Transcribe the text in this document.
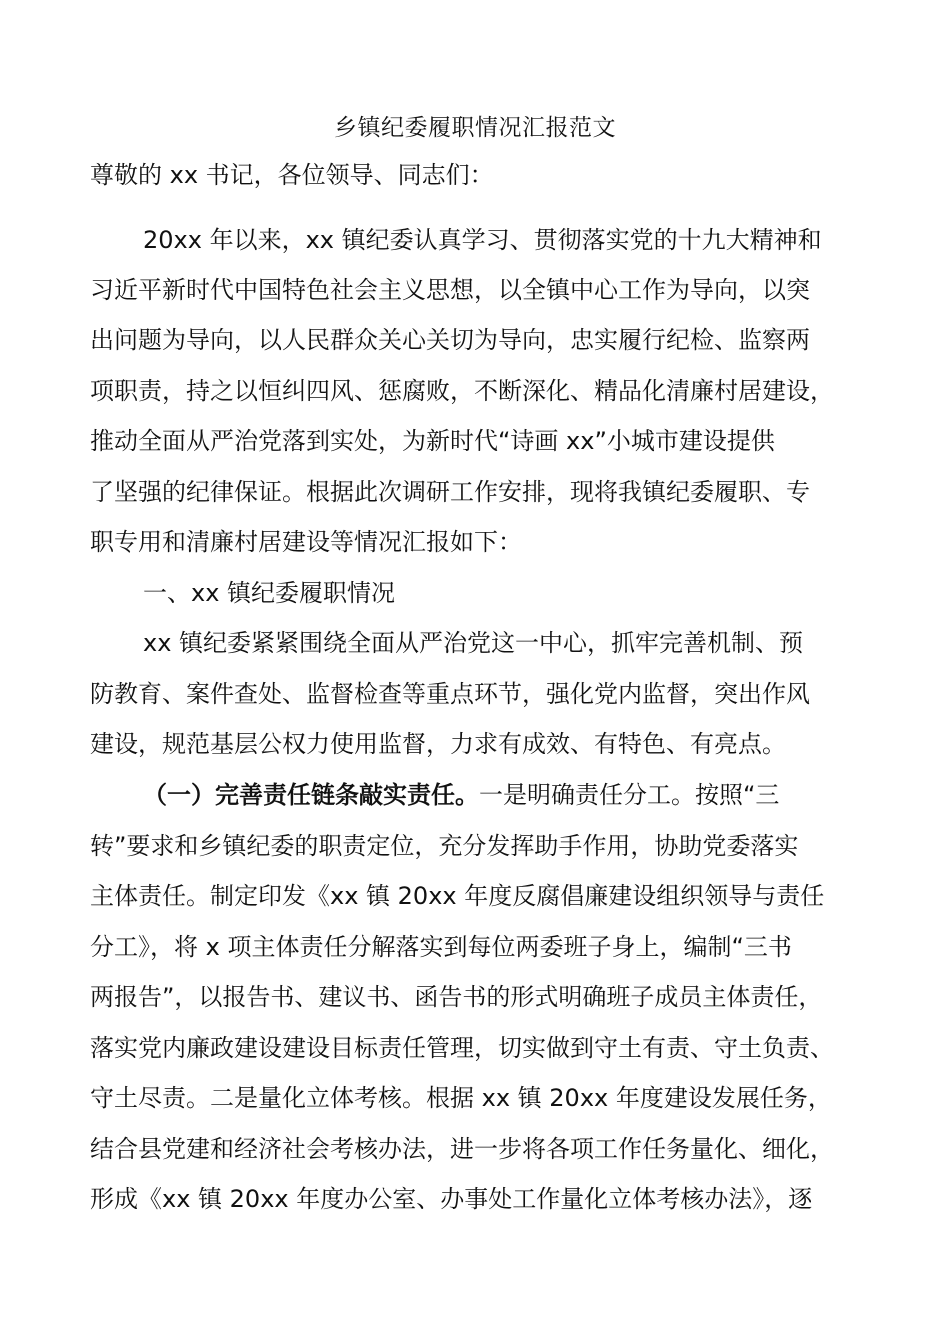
乡镇纪委履职情况汇报范文
尊敬的 xx 书记，各位领导、同志们：
20xx 年以来，xx 镇纪委认真学习、贯彻落实党的十九大精神和
习近平新时代中国特色社会主义思想，以全镇中心工作为导向，以突
出问题为导向，以人民群众关心关切为导向，忠实履行纪检、监察两
项职责，持之以恒纠四风、惩腐败，不断深化、精品化清廉村居建设，
推动全面从严治党落到实处，为新时代“诗画 xx”小城市建设提供
了坚强的纪律保证。根据此次调研工作安排，现将我镇纪委履职、专
职专用和清廉村居建设等情况汇报如下：
一、xx 镇纪委履职情况
xx 镇纪委紧紧围绕全面从严治党这一中心，抓牢完善机制、预
防教育、案件查处、监督检查等重点环节，强化党内监督，突出作风
建设，规范基层公权力使用监督，力求有成效、有特色、有亮点。
（一）完善责任链条敲实责任。一是明确责任分工。按照“三
转”要求和乡镇纪委的职责定位，充分发挥助手作用，协助党委落实
主体责任。制定印发《xx 镇 20xx 年度反腐倡廉建设组织领导与责任
分工》，将 x 项主体责任分解落实到每位两委班子身上，编制“三书
两报告”，以报告书、建议书、函告书的形式明确班子成员主体责任，
落实党内廉政建设建设目标责任管理，切实做到守土有责、守土负责、
守土尽责。二是量化立体考核。根据 xx 镇 20xx 年度建设发展任务，
结合县党建和经济社会考核办法，进一步将各项工作任务量化、细化，
形成《xx 镇 20xx 年度办公室、办事处工作量化立体考核办法》，逐
